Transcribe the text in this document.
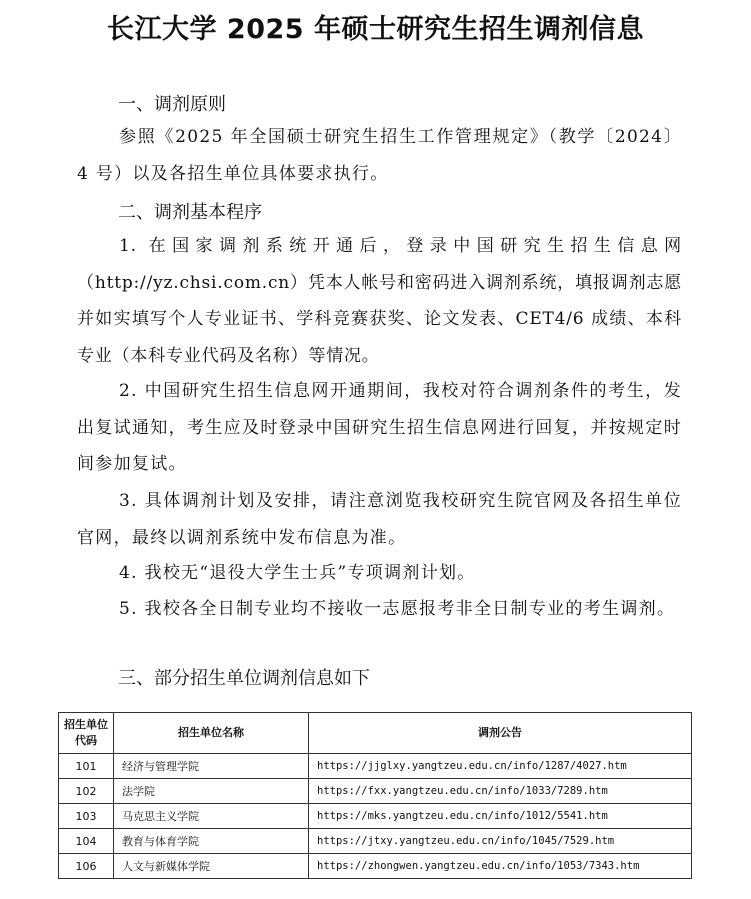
长江大学 2025 年硕士研究生招生调剂信息
一、调剂原则

参照《2025 年全国硕士研究生招生工作管理规定》（教学〔2024〕4 号）以及各招生单位具体要求执行。

二、调剂基本程序

1. 在国家调剂系统开通后，登录中国研究生招生信息网（http://yz.chsi.com.cn）凭本人帐号和密码进入调剂系统，填报调剂志愿并如实填写个人专业证书、学科竞赛获奖、论文发表、CET4/6 成绩、本科专业（本科专业代码及名称）等情况。

2. 中国研究生招生信息网开通期间，我校对符合调剂条件的考生，发出复试通知，考生应及时登录中国研究生招生信息网进行回复，并按规定时间参加复试。

3. 具体调剂计划及安排，请注意浏览我校研究生院官网及各招生单位官网，最终以调剂系统中发布信息为准。

4. 我校无“退役大学生士兵”专项调剂计划。

5. 我校各全日制专业均不接收一志愿报考非全日制专业的考生调剂。

三、部分招生单位调剂信息如下
招生单位代码	招生单位名称	调剂公告
101	经济与管理学院	https://jjglxy.yangtzeu.edu.cn/info/1287/4027.htm
102	法学院	https://fxx.yangtzeu.edu.cn/info/1033/7289.htm
103	马克思主义学院	https://mks.yangtzeu.edu.cn/info/1012/5541.htm
104	教育与体育学院	https://jtxy.yangtzeu.edu.cn/info/1045/7529.htm
106	人文与新媒体学院	https://zhongwen.yangtzeu.edu.cn/info/1053/7343.htm
